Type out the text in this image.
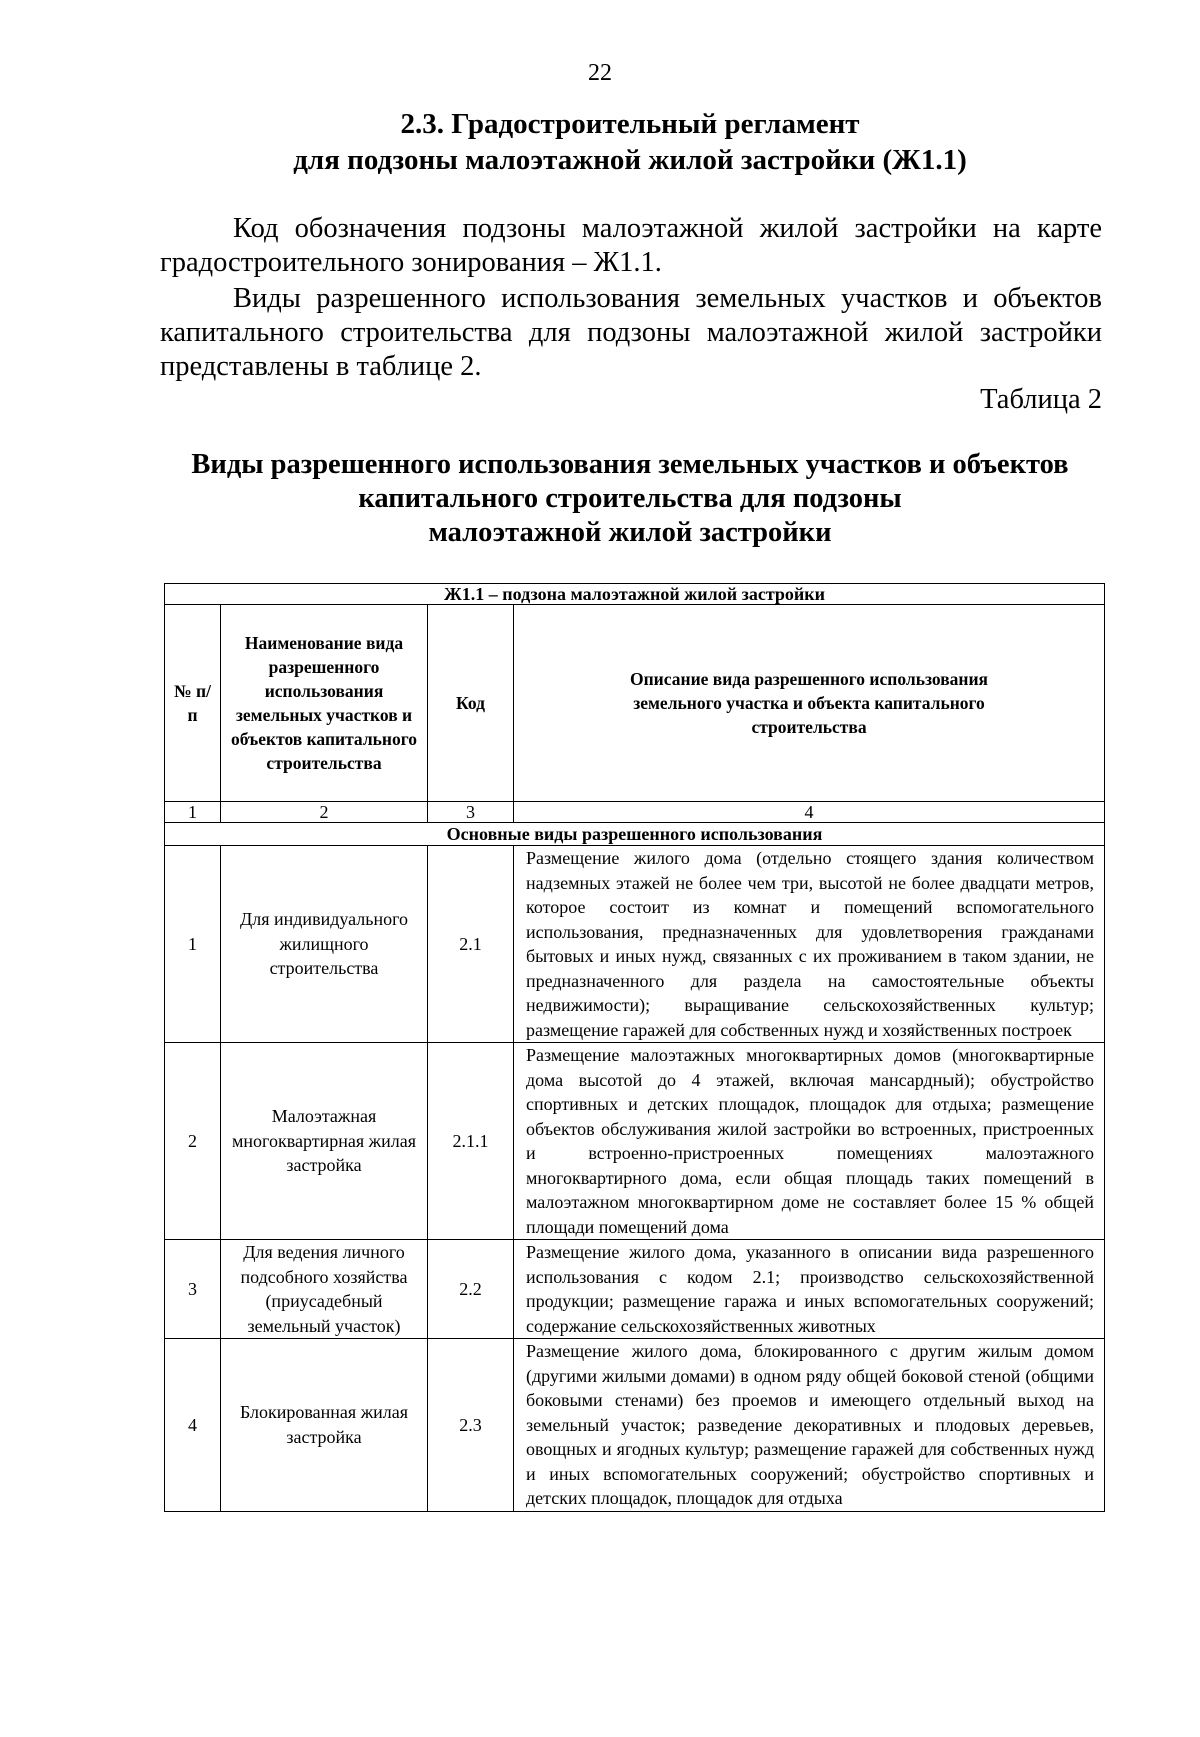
22
2.3. Градостроительный регламент
для подзоны малоэтажной жилой застройки (Ж1.1)

Код обозначения подзоны малоэтажной жилой застройки на карте градостроительного зонирования – Ж1.1.

Виды разрешенного использования земельных участков и объектов капитального строительства для подзоны малоэтажной жилой застройки представлены в таблице 2.

Таблица 2
Виды разрешенного использования земельных участков и объектов
капитального строительства для подзоны
малоэтажной жилой застройки
Ж1.1 – подзона малоэтажной жилой застройки			
№ п/п	Наименование вида разрешенного использования земельных участков и объектов капитального строительства	Код	Описание вида разрешенного использования земельного участка и объекта капитального строительства
1	2	3	4
Основные виды разрешенного использования			
1	Для индивидуального жилищного строительства	2.1	Размещение жилого дома (отдельно стоящего здания количеством надземных этажей не более чем три, высотой не более двадцати метров, которое состоит из комнат и помещений вспомогательного использования, предназначенных для удовлетворения гражданами бытовых и иных нужд, связанных с их проживанием в таком здании, не предназначенного для раздела на самостоятельные объекты недвижимости); выращивание сельскохозяйственных культур; размещение гаражей для собственных нужд и хозяйственных построек
2	Малоэтажная многоквартирная жилая застройка	2.1.1	Размещение малоэтажных многоквартирных домов (многоквартирные дома высотой до 4 этажей, включая мансардный); обустройство спортивных и детских площадок, площадок для отдыха; размещение объектов обслуживания жилой застройки во встроенных, пристроенных и встроенно-пристроенных помещениях малоэтажного многоквартирного дома, если общая площадь таких помещений в малоэтажном многоквартирном доме не составляет более 15 % общей площади помещений дома
3	Для ведения личного подсобного хозяйства (приусадебный земельный участок)	2.2	Размещение жилого дома, указанного в описании вида разрешенного использования с кодом 2.1; производство сельскохозяйственной продукции; размещение гаража и иных вспомогательных сооружений; содержание сельскохозяйственных животных
4	Блокированная жилая застройка	2.3	Размещение жилого дома, блокированного с другим жилым домом (другими жилыми домами) в одном ряду общей боковой стеной (общими боковыми стенами) без проемов и имеющего отдельный выход на земельный участок; разведение декоративных и плодовых деревьев, овощных и ягодных культур; размещение гаражей для собственных нужд и иных вспомогательных сооружений; обустройство спортивных и детских площадок, площадок для отдыха
